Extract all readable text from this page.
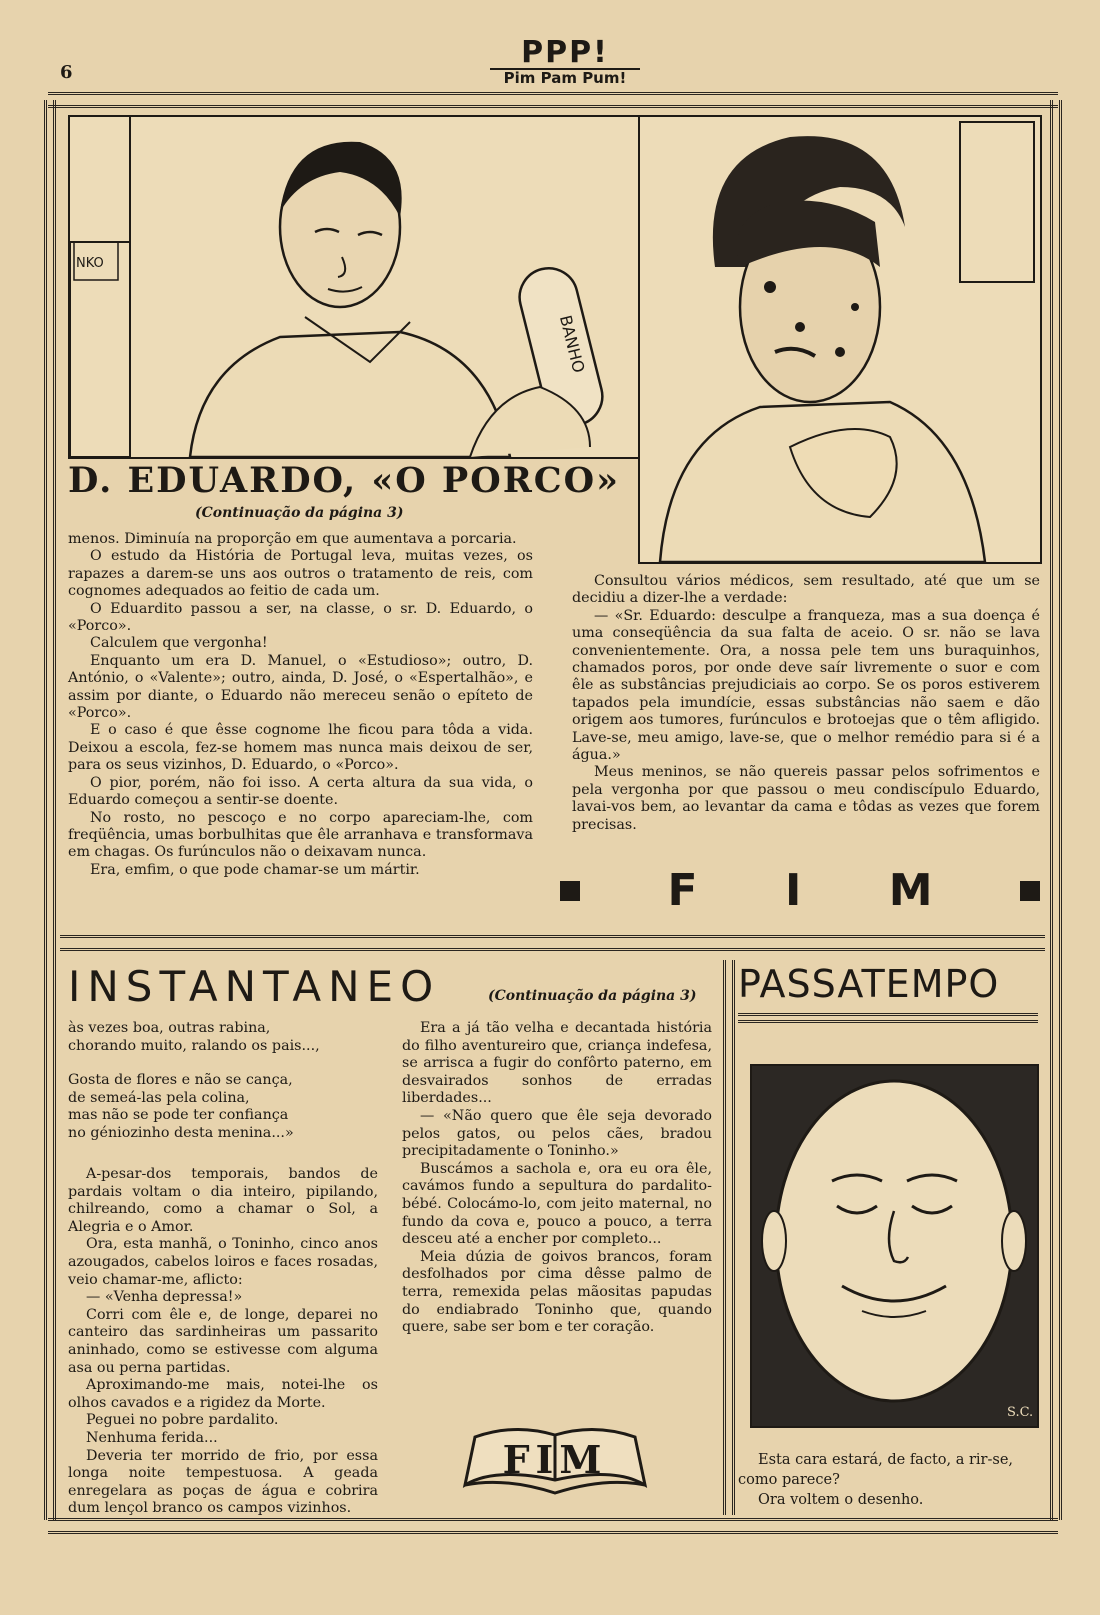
6
PPP!
Pim Pam Pum!
NKO
BANHO
D. EDUARDO, «O PORCO»
(Continuação da página 3)

menos. Diminuía na proporção em que aumentava a porcaria.

O estudo da História de Portugal leva, muitas vezes, os rapazes a darem-se uns aos outros o tratamento de reis, com cognomes adequados ao feitio de cada um.

O Eduardito passou a ser, na classe, o sr. D. Eduardo, o «Porco».

Calculem que vergonha!

Enquanto um era D. Manuel, o «Estudioso»; outro, D. António, o «Valente»; outro, ainda, D. José, o «Espertalhão», e assim por diante, o Eduardo não mereceu senão o epíteto de «Porco».

E o caso é que êsse cognome lhe ficou para tôda a vida. Deixou a escola, fez-se homem mas nunca mais deixou de ser, para os seus vizinhos, D. Eduardo, o «Porco».

O pior, porém, não foi isso. A certa altura da sua vida, o Eduardo começou a sentir-se doente.

No rosto, no pescoço e no corpo apareciam-lhe, com freqüência, umas borbulhitas que êle arranhava e transformava em chagas. Os furúnculos não o deixavam nunca.

Era, emfim, o que pode chamar-se um mártir.

Consultou vários médicos, sem resultado, até que um se decidiu a dizer-lhe a verdade:

— «Sr. Eduardo: desculpe a franqueza, mas a sua doença é uma conseqüência da sua falta de aceio. O sr. não se lava convenientemente. Ora, a nossa pele tem uns buraquinhos, chamados poros, por onde deve saír livremente o suor e com êle as substâncias prejudiciais ao corpo. Se os poros estiverem tapados pela imundície, essas substâncias não saem e dão origem aos tumores, furúnculos e brotoejas que o têm afligido. Lave-se, meu amigo, lave-se, que o melhor remédio para si é a água.»

Meus meninos, se não quereis passar pelos sofrimentos e pela vergonha por que passou o meu condiscípulo Eduardo, lavai-vos bem, ao levantar da cama e tôdas as vezes que forem precisas.

F I M
INSTANTANEO	(Continuação da página 3)

às vezes boa, outras rabina,

chorando muito, ralando os pais...,

Gosta de flores e não se cança,

de semeá-las pela colina,

mas não se pode ter confiança

no géniozinho desta menina...»

A-pesar-dos temporais, bandos de pardais voltam o dia inteiro, pipilando, chilreando, como a chamar o Sol, a Alegria e o Amor.

Ora, esta manhã, o Toninho, cinco anos azougados, cabelos loiros e faces rosadas, veio chamar-me, aflicto:

— «Venha depressa!»

Corri com êle e, de longe, deparei no canteiro das sardinheiras um passarito aninhado, como se estivesse com alguma asa ou perna partidas.

Aproximando-me mais, notei-lhe os olhos cavados e a rigidez da Morte.

Peguei no pobre pardalito.

Nenhuma ferida...

Deveria ter morrido de frio, por essa longa noite tempestuosa. A geada enregelara as poças de água e cobrira dum lençol branco os campos vizinhos.

Era a já tão velha e decantada história do filho aventureiro que, criança indefesa, se arrisca a fugir do confôrto paterno, em desvairados sonhos de erradas liberdades...

— «Não quero que êle seja devorado pelos gatos, ou pelos cães, bradou precipitadamente o Toninho.»

Buscámos a sachola e, ora eu ora êle, cavámos fundo a sepultura do pardalito-bébé. Colocámo-lo, com jeito maternal, no fundo da cova e, pouco a pouco, a terra desceu até a encher por completo...

Meia dúzia de goivos brancos, foram desfolhados por cima dêsse palmo de terra, remexida pelas mãositas papudas do endiabrado Toninho que, quando quere, sabe ser bom e ter coração.

FIM
PASSATEMPO
S.C.

Esta cara estará, de facto, a rir-se, como parece?

Ora voltem o desenho.
